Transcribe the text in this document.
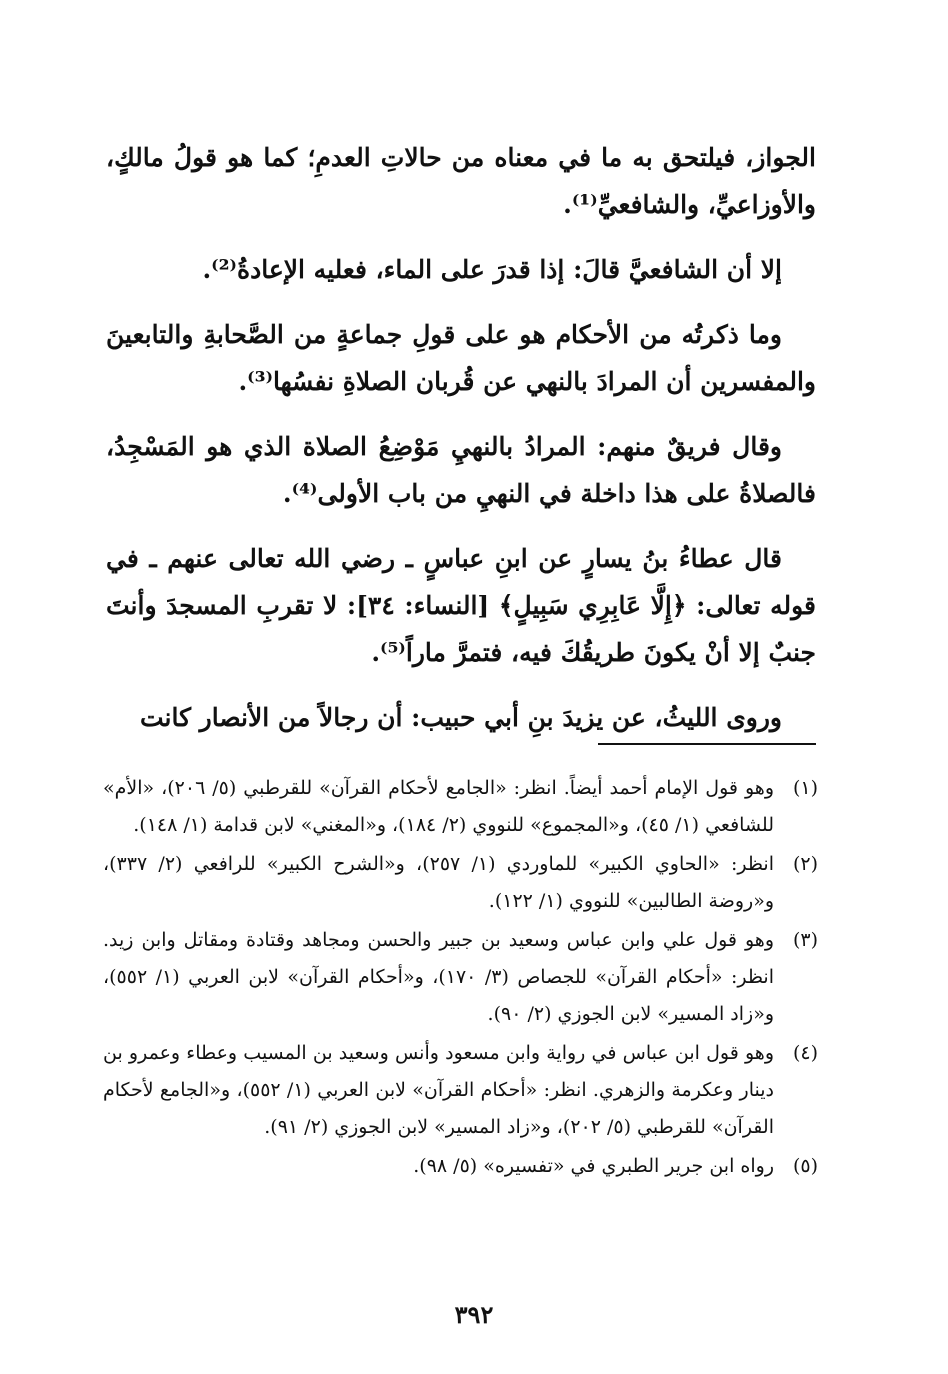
الجواز، فيلتحق به ما في معناه من حالاتِ العدمِ؛ كما هو قولُ مالكٍ، والأوزاعيِّ، والشافعيِّ⁽¹⁾.

إلا أن الشافعيَّ قالَ: إذا قدرَ على الماء، فعليه الإعادةُ⁽²⁾.

وما ذكرتُه من الأحكام هو على قولِ جماعةٍ من الصَّحابةِ والتابعينَ والمفسرين أن المرادَ بالنهي عن قُربان الصلاةِ نفسُها⁽³⁾.

وقال فريقٌ منهم: المرادُ بالنهيِ مَوْضِعُ الصلاة الذي هو المَسْجِدُ، فالصلاةُ على هذا داخلة في النهيِ من باب الأولى⁽⁴⁾.

قال عطاءُ بنُ يسارٍ عن ابنِ عباسٍ ـ رضي الله تعالى عنهم ـ في قوله تعالى: ﴿إِلَّا عَابِرِي سَبِيلٍ﴾ [النساء: ٣٤]: لا تقربِ المسجدَ وأنتَ جنبٌ إلا أنْ يكونَ طريقُكَ فيه، فتمرَّ ماراً⁽⁵⁾.

وروى الليثُ، عن يزيدَ بنِ أبي حبيب: أن رجالاً من الأنصار كانت

(١)
وهو قول الإمام أحمد أيضاً. انظر: «الجامع لأحكام القرآن» للقرطبي (٥/ ٢٠٦)، «الأم» للشافعي (١/ ٤٥)، و«المجموع» للنووي (٢/ ١٨٤)، و«المغني» لابن قدامة (١/ ١٤٨).
(٢)
انظر: «الحاوي الكبير» للماوردي (١/ ٢٥٧)، و«الشرح الكبير» للرافعي (٢/ ٣٣٧)، و«روضة الطالبين» للنووي (١/ ١٢٢).
(٣)
وهو قول علي وابن عباس وسعيد بن جبير والحسن ومجاهد وقتادة ومقاتل وابن زيد. انظر: «أحكام القرآن» للجصاص (٣/ ١٧٠)، و«أحكام القرآن» لابن العربي (١/ ٥٥٢)، و«زاد المسير» لابن الجوزي (٢/ ٩٠).
(٤)
وهو قول ابن عباس في رواية وابن مسعود وأنس وسعيد بن المسيب وعطاء وعمرو بن دينار وعكرمة والزهري. انظر: «أحكام القرآن» لابن العربي (١/ ٥٥٢)، و«الجامع لأحكام القرآن» للقرطبي (٥/ ٢٠٢)، و«زاد المسير» لابن الجوزي (٢/ ٩١).
(٥)
رواه ابن جرير الطبري في «تفسيره» (٥/ ٩٨).
٣٩٢
